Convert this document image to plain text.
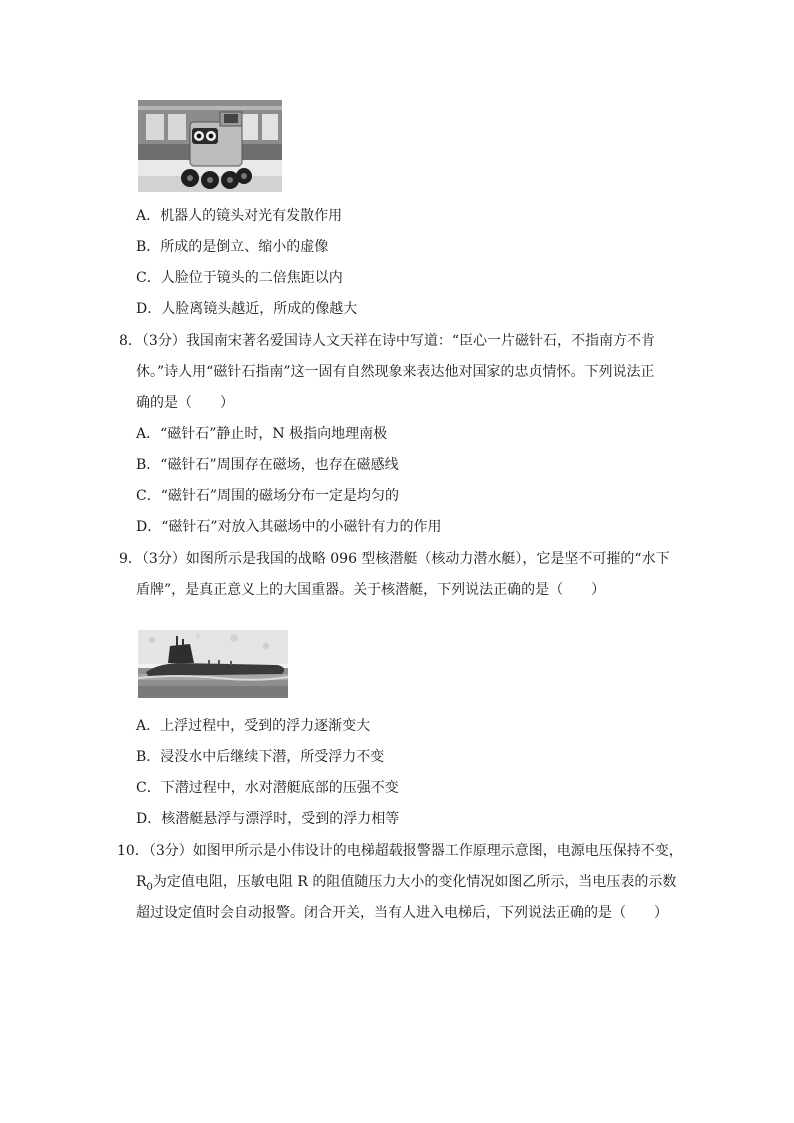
A．机器人的镜头对光有发散作用
B．所成的是倒立、缩小的虚像
C．人脸位于镜头的二倍焦距以内
D．人脸离镜头越近，所成的像越大
8．（3分）我国南宋著名爱国诗人文天祥在诗中写道：“臣心一片磁针石，不指南方不肯
休。”诗人用“磁针石指南”这一固有自然现象来表达他对国家的忠贞情怀。下列说法正
确的是（　　）
A．“磁针石”静止时，N 极指向地理南极
B．“磁针石”周围存在磁场，也存在磁感线
C．“磁针石”周围的磁场分布一定是均匀的
D．“磁针石”对放入其磁场中的小磁针有力的作用
9．（3分）如图所示是我国的战略 096 型核潜艇（核动力潜水艇），它是坚不可摧的“水下
盾牌”，是真正意义上的大国重器。关于核潜艇，下列说法正确的是（　　）
A．上浮过程中，受到的浮力逐渐变大
B．浸没水中后继续下潜，所受浮力不变
C．下潜过程中，水对潜艇底部的压强不变
D．核潜艇悬浮与漂浮时，受到的浮力相等
10．（3分）如图甲所示是小伟设计的电梯超载报警器工作原理示意图，电源电压保持不变，
$R_0$为定值电阻，压敏电阻 R 的阻值随压力大小的变化情况如图乙所示，当电压表的示数
超过设定值时会自动报警。闭合开关，当有人进入电梯后，下列说法正确的是（　　）
